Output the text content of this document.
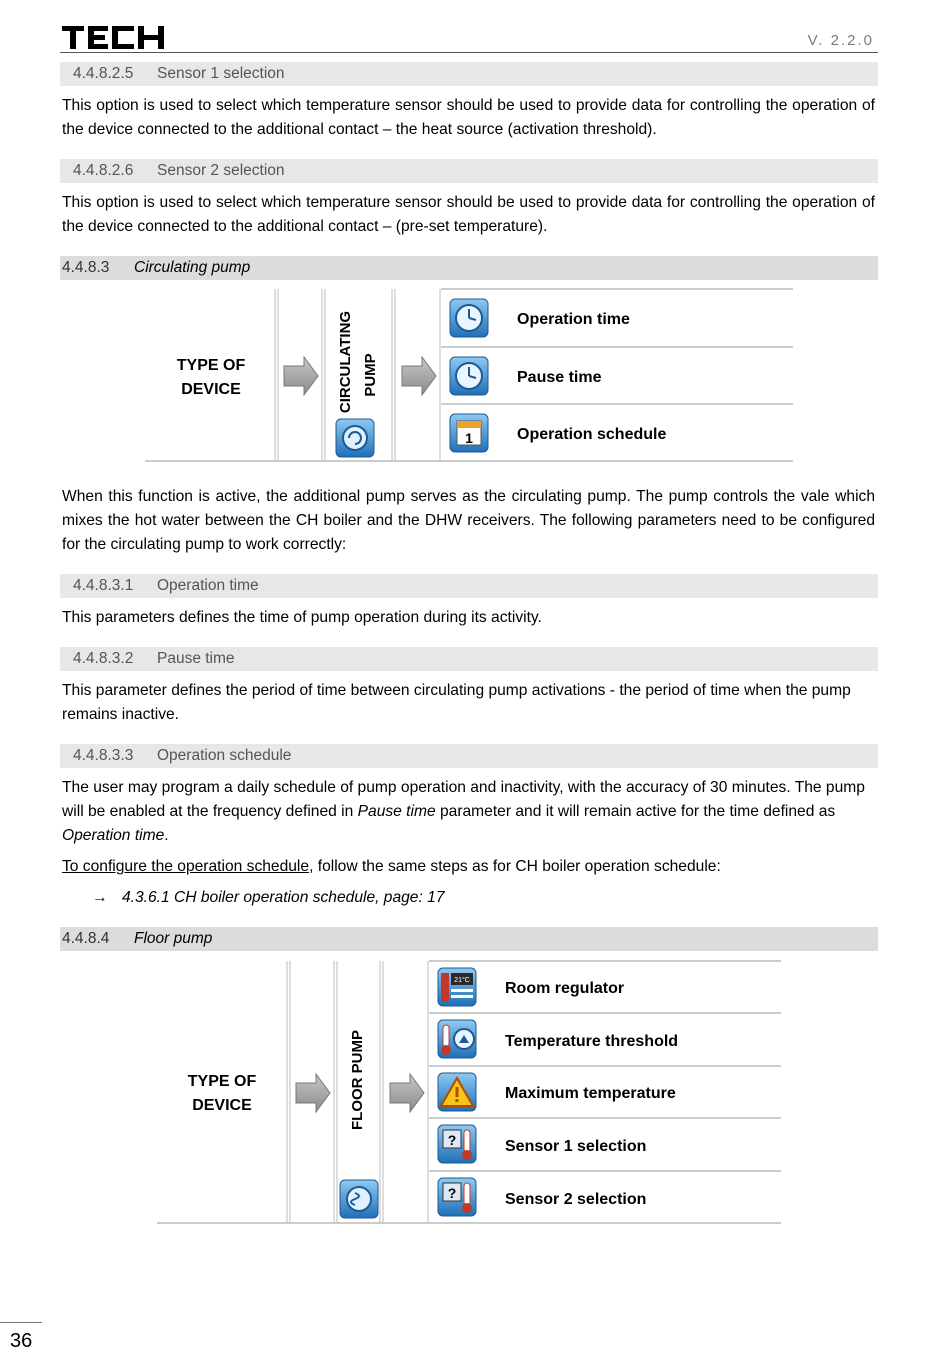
V. 2.2.0
4.4.8.2.5 Sensor 1 selection

This option is used to select which temperature sensor should be used to provide data for controlling the operation of the device connected to the additional contact – the heat source (activation threshold).

4.4.8.2.6 Sensor 2 selection

This option is used to select which temperature sensor should be used to provide data for controlling the operation of the device connected to the additional contact – (pre-set temperature).

4.4.8.3 Circulating pump
TYPE OF
DEVICE	CIRCULATING PUMP
1
Operation time
Pause time
Operation schedule
TYPE OF
DEVICE	FLOOR PUMP
21°C
?
?
Room regulator
Temperature threshold
Maximum temperature
Sensor 1 selection
Sensor 2 selection

When this function is active, the additional pump serves as the circulating pump. The pump controls the vale which mixes the hot water between the CH boiler and the DHW receivers. The following parameters need to be configured for the circulating pump to work correctly:

4.4.8.3.1 Operation time

This parameters defines the time of pump operation during its activity.

4.4.8.3.2 Pause time

This parameter defines the period of time between circulating pump activations - the period of time when the pump remains inactive.

4.4.8.3.3 Operation schedule

The user may program a daily schedule of pump operation and inactivity, with the accuracy of 30 minutes. The pump will be enabled at the frequency defined in Pause time parameter and it will remain active for the time defined as Operation time.

To configure the operation schedule, follow the same steps as for CH boiler operation schedule:

→ 4.3.6.1 CH boiler operation schedule, page: 17
4.4.8.4 Floor pump
36
